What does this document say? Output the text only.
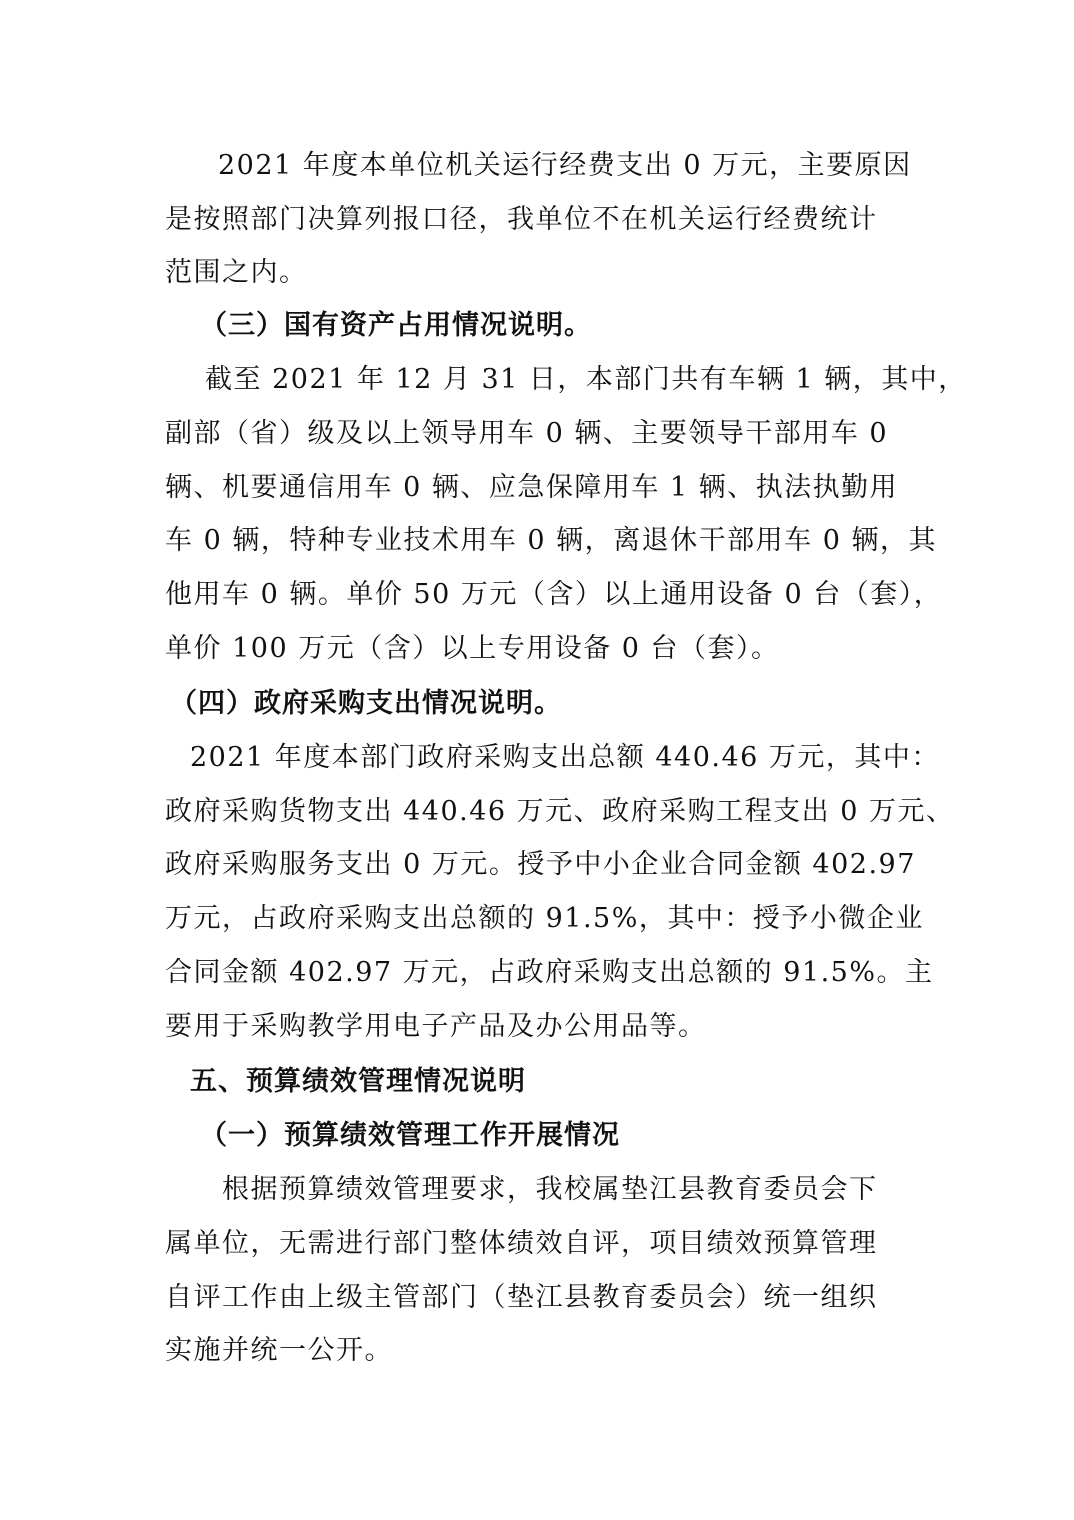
2021 年度本单位机关运行经费支出 0 万元，主要原因
是按照部门决算列报口径，我单位不在机关运行经费统计
范围之内。
（三）国有资产占用情况说明。
截至 2021 年 12 月 31 日，本部门共有车辆 1 辆，其中，
副部（省）级及以上领导用车 0 辆、主要领导干部用车 0
辆、机要通信用车 0 辆、应急保障用车 1 辆、执法执勤用
车 0 辆，特种专业技术用车 0 辆，离退休干部用车 0 辆，其
他用车 0 辆。单价 50 万元（含）以上通用设备 0 台（套），
单价 100 万元（含）以上专用设备 0 台（套）。
（四）政府采购支出情况说明。
2021 年度本部门政府采购支出总额 440.46 万元，其中：
政府采购货物支出 440.46 万元、政府采购工程支出 0 万元、
政府采购服务支出 0 万元。授予中小企业合同金额 402.97
万元，占政府采购支出总额的 91.5%，其中：授予小微企业
合同金额 402.97 万元，占政府采购支出总额的 91.5%。主
要用于采购教学用电子产品及办公用品等。
五、预算绩效管理情况说明
（一）预算绩效管理工作开展情况
根据预算绩效管理要求，我校属垫江县教育委员会下
属单位，无需进行部门整体绩效自评，项目绩效预算管理
自评工作由上级主管部门（垫江县教育委员会）统一组织
实施并统一公开。
